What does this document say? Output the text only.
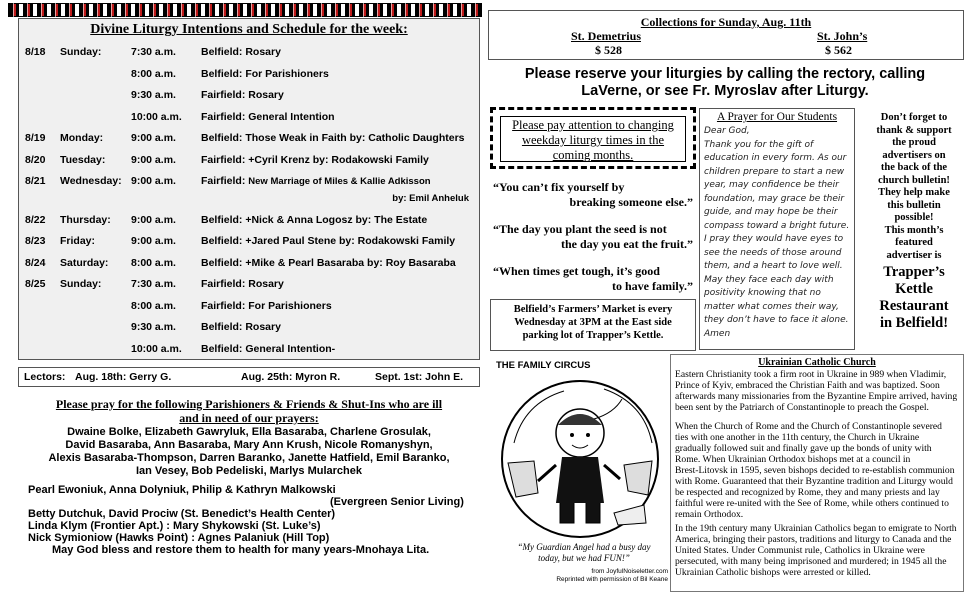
Divine Liturgy Intentions and Schedule for the week:
8/18 Sunday:	7:30 a.m. Belfield: Rosary
8:00 a.m. Belfield: For Parishioners
9:30 a.m. Fairfield: Rosary
10:00 a.m. Fairfield: General Intention
8/19 Monday:	9:00 a.m. Belfield: Those Weak in Faith by: Catholic Daughters
8/20 Tuesday: 9:00 a.m. Fairfield: +Cyril Krenz by: Rodakowski Family
8/21 Wednesday: 9:00 a.m. Fairfield: New Marriage of Miles & Kallie Adkisson
by: Emil Anheluk
8/22 Thursday: 9:00 a.m. Belfield: +Nick & Anna Logosz by: The Estate
8/23 Friday:	9:00 a.m. Belfield: +Jared Paul Stene by: Rodakowski Family
8/24 Saturday: 8:00 a.m. Belfield: +Mike & Pearl Basaraba by: Roy Basaraba
8/25 Sunday:	7:30 a.m. Fairfield: Rosary
8:00 a.m. Fairfield: For Parishioners
9:30 a.m. Belfield: Rosary
10:00 a.m. Belfield: General Intention-
Lectors: Aug. 18th: Gerry G.	Aug. 25th: Myron R.	Sept. 1st: John E.
Please pray for the following Parishioners & Friends & Shut-Ins who are ill
and in need of our prayers:
Dwaine Bolke, Elizabeth Gawryluk, Ella Basaraba, Charlene Grosulak,
David Basaraba, Ann Basaraba, Mary Ann Krush, Nicole Romanyshyn,
Alexis Basaraba-Thompson, Darren Baranko, Janette Hatfield, Emil Baranko,
Ian Vesey, Bob Pedeliski, Marlys Mularchek
Pearl Ewoniuk, Anna Dolyniuk, Philip & Kathryn Malkowski
(Evergreen Senior Living)
Betty Dutchuk, David Prociw (St. Benedict’s Health Center)
Linda Klym (Frontier Apt.) : Mary Shykowski (St. Luke’s)
Nick Symioniow (Hawks Point) : Agnes Palaniuk (Hill Top)
May God bless and restore them to health for many years-Mnohaya Lita.
Collections for Sunday, Aug. 11th
St. Demetrius
$ 528
St. John’s
$ 562
Please reserve your liturgies by calling the rectory, calling
LaVerne, or see Fr. Myroslav after Liturgy.
Please pay attention to changing
weekday liturgy times in the
coming months.
“You can’t fix yourself by
breaking someone else.”
“The day you plant the seed is not
the day you eat the fruit.”
“When times get tough, it’s good
to have family.”
Belfield’s Farmers’ Market is every
Wednesday at 3PM at the East side
parking lot of Trapper’s Kettle.
A Prayer for Our Students
Dear God,
Thank you for the gift of
education in every form. As our
children prepare to start a new
year, may confidence be their
foundation, may grace be their
guide, and may hope be their
compass toward a bright future.
I pray they would have eyes to
see the needs of those around
them, and a heart to love well.
May they face each day with
positivity knowing that no
matter what comes their way,
they don’t have to face it alone.
Amen
Don’t forget to
thank & support
the proud
advertisers on
the back of the
church bulletin!
They help make
this bulletin
possible!
This month’s
featured
advertiser is
Trapper’s
Kettle
Restaurant
in Belfield!
THE FAMILY CIRCUS
“My Guardian Angel had a busy day
today, but we had FUN!”
from JoyfulNoiseletter.com
Reprinted with permission of Bil Keane
Ukrainian Catholic Church
Eastern Christianity took a firm root in Ukraine in 989 when Vladimir,
Prince of Kyiv, embraced the Christian Faith and was baptized. Soon
afterwards many missionaries from the Byzantine Empire arrived, having
been sent by the Patriarch of Constantinople to preach the Gospel.
When the Church of Rome and the Church of Constantinople severed
ties with one another in the 11th century, the Church in Ukraine
gradually followed suit and finally gave up the bonds of unity with
Rome. When Ukrainian Orthodox bishops met at a council in
Brest-Litovsk in 1595, seven bishops decided to re-establish communion
with Rome. Guaranteed that their Byzantine tradition and Liturgy would
be respected and recognized by Rome, they and many priests and lay
faithful were re-united with the See of Rome, while others continued to
remain Orthodox.
In the 19th century many Ukrainian Catholics began to emigrate to North
America, bringing their pastors, traditions and liturgy to Canada and the
United States. Under Communist rule, Catholics in Ukraine were
persecuted, with many being imprisoned and murdered; in 1945 all the
Ukrainian Catholic bishops were arrested or killed.
